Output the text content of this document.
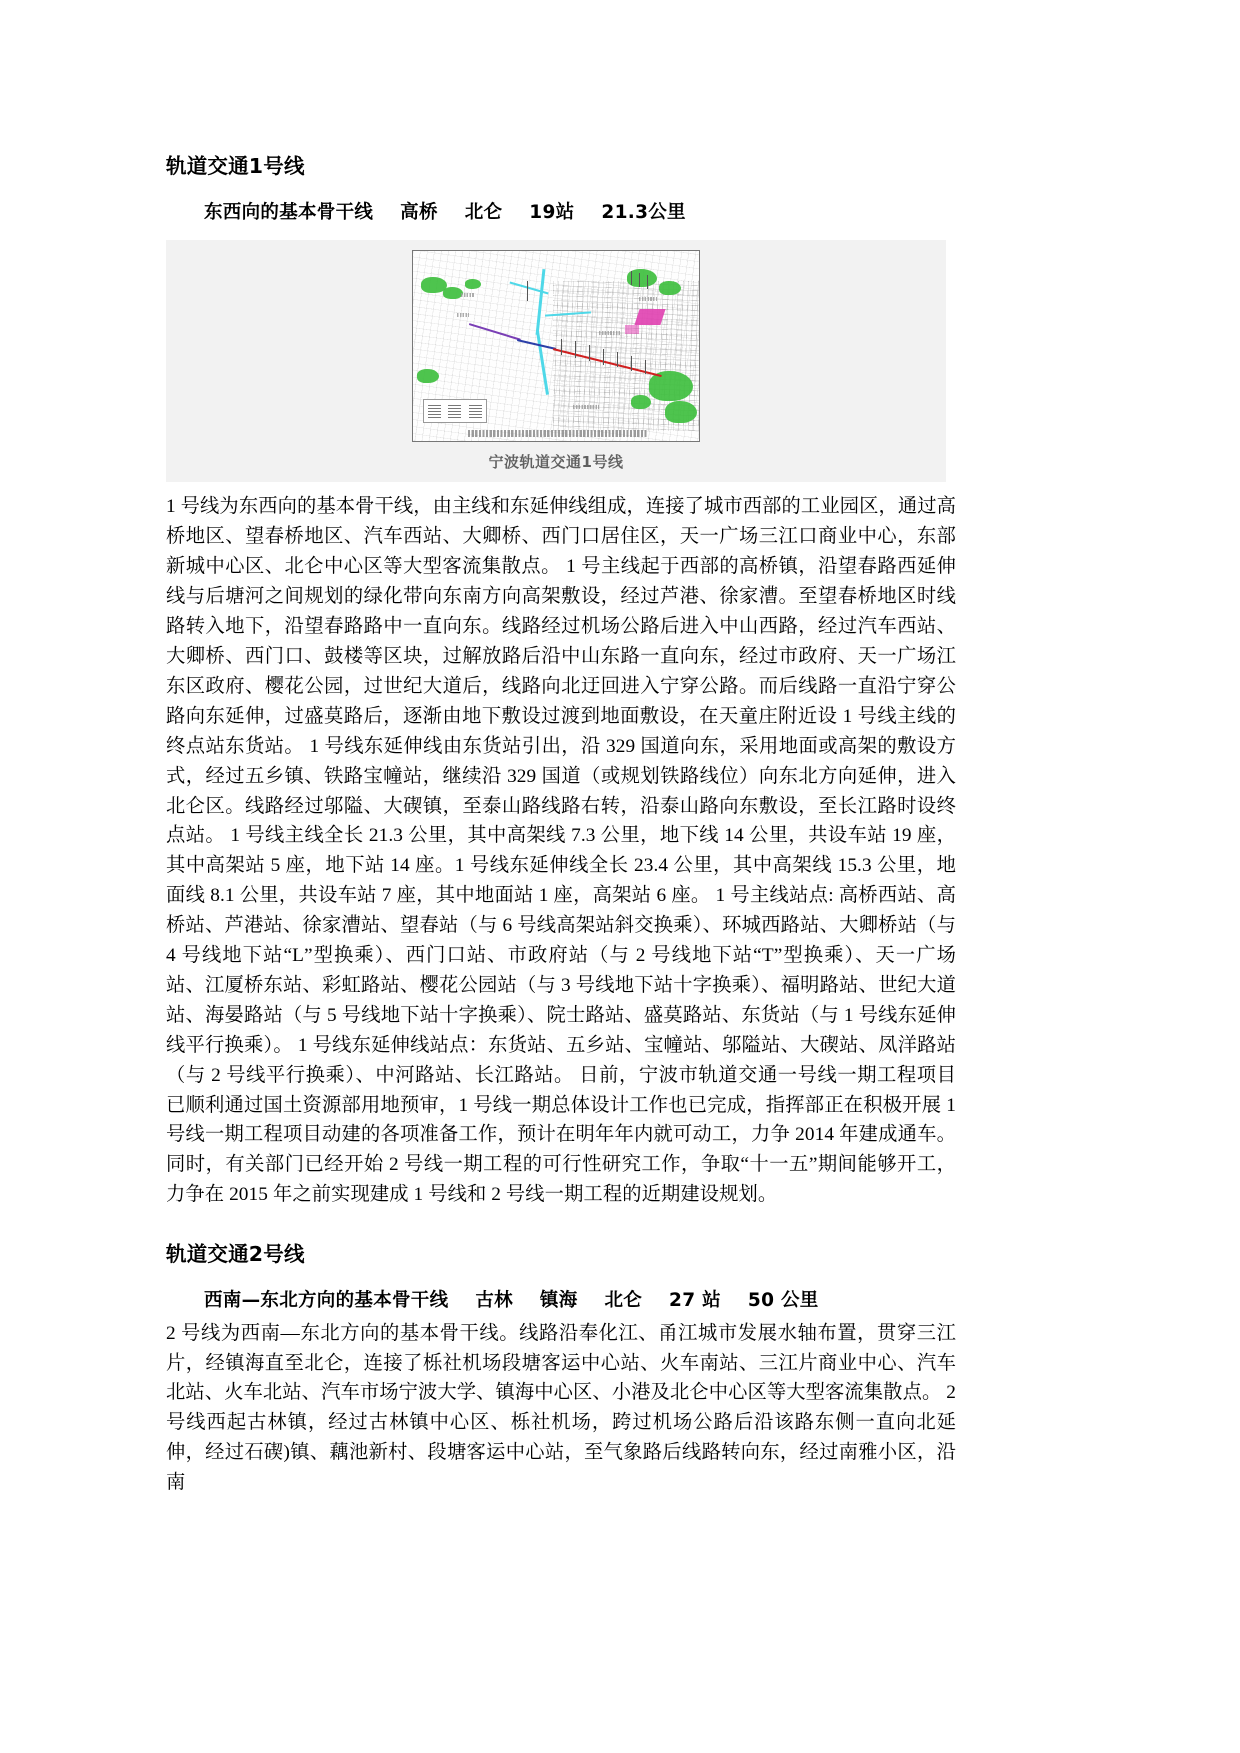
轨道交通1号线
东西向的基本骨干线    高桥    北仑    19站    21.3公里
宁波轨道交通1号线

1 号线为东西向的基本骨干线，由主线和东延伸线组成，连接了城市西部的工业园区，通过高桥地区、望春桥地区、汽车西站、大卿桥、西门口居住区，天一广场三江口商业中心，东部新城中心区、北仑中心区等大型客流集散点。 1 号主线起于西部的高桥镇，沿望春路西延伸线与后塘河之间规划的绿化带向东南方向高架敷设，经过芦港、徐家漕。至望春桥地区时线路转入地下，沿望春路路中一直向东。线路经过机场公路后进入中山西路，经过汽车西站、大卿桥、西门口、鼓楼等区块，过解放路后沿中山东路一直向东，经过市政府、天一广场江东区政府、樱花公园，过世纪大道后，线路向北迂回进入宁穿公路。而后线路一直沿宁穿公路向东延伸，过盛莫路后，逐渐由地下敷设过渡到地面敷设，在天童庄附近设 1 号线主线的终点站东货站。 1 号线东延伸线由东货站引出，沿 329 国道向东，采用地面或高架的敷设方式，经过五乡镇、铁路宝幢站，继续沿 329 国道（或规划铁路线位）向东北方向延伸，进入北仑区。线路经过邬隘、大碶镇，至泰山路线路右转，沿泰山路向东敷设，至长江路时设终点站。 1 号线主线全长 21.3 公里，其中高架线 7.3 公里，地下线 14 公里，共设车站 19 座，其中高架站 5 座，地下站 14 座。1 号线东延伸线全长 23.4 公里，其中高架线 15.3 公里，地面线 8.1 公里，共设车站 7 座，其中地面站 1 座，高架站 6 座。 1 号主线站点: 高桥西站、高桥站、芦港站、徐家漕站、望春站（与 6 号线高架站斜交换乘）、环城西路站、大卿桥站（与 4 号线地下站“L”型换乘）、西门口站、市政府站（与 2 号线地下站“T”型换乘）、天一广场站、江厦桥东站、彩虹路站、樱花公园站（与 3 号线地下站十字换乘）、福明路站、世纪大道站、海晏路站（与 5 号线地下站十字换乘）、院士路站、盛莫路站、东货站（与 1 号线东延伸线平行换乘）。 1 号线东延伸线站点：东货站、五乡站、宝幢站、邬隘站、大碶站、凤洋路站（与 2 号线平行换乘）、中河路站、长江路站。 日前，宁波市轨道交通一号线一期工程项目已顺利通过国土资源部用地预审，1 号线一期总体设计工作也已完成，指挥部正在积极开展 1 号线一期工程项目动建的各项准备工作，预计在明年年内就可动工，力争 2014 年建成通车。 同时，有关部门已经开始 2 号线一期工程的可行性研究工作，争取“十一五”期间能够开工，力争在 2015 年之前实现建成 1 号线和 2 号线一期工程的近期建设规划。

轨道交通2号线
西南—东北方向的基本骨干线    古林    镇海    北仑    27 站    50 公里

2 号线为西南—东北方向的基本骨干线。线路沿奉化江、甬江城市发展水轴布置，贯穿三江片，经镇海直至北仑，连接了栎社机场段塘客运中心站、火车南站、三江片商业中心、汽车北站、火车北站、汽车市场宁波大学、镇海中心区、小港及北仑中心区等大型客流集散点。 2 号线西起古林镇，经过古林镇中心区、栎社机场，跨过机场公路后沿该路东侧一直向北延伸，经过石碶)镇、藕池新村、段塘客运中心站，至气象路后线路转向东，经过南雅小区，沿南
